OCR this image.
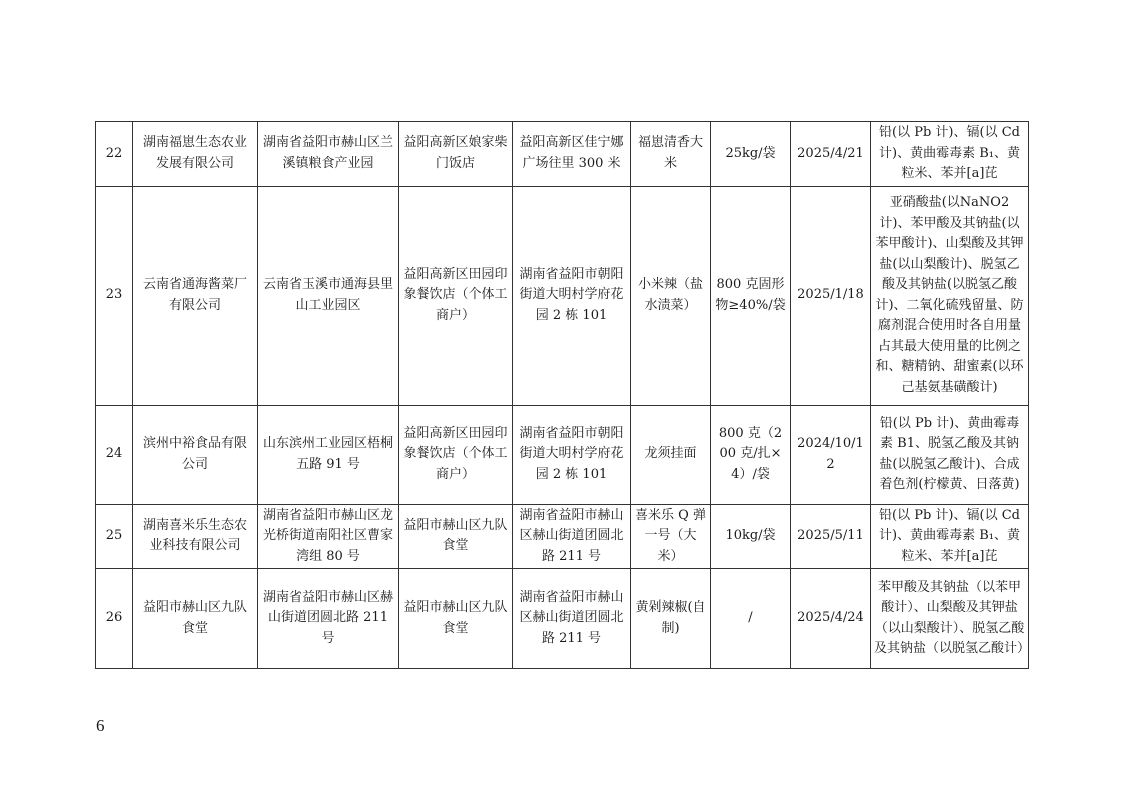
22	湖南福崽生态农业发展有限公司	湖南省益阳市赫山区兰溪镇粮食产业园	益阳高新区娘家柴门饭店	益阳高新区佳宁娜广场往里 300 米	福崽清香大米	25kg/袋	2025/4/21	铅(以 Pb 计)、镉(以 Cd 计)、黄曲霉毒素 B₁、黄粒米、苯并[a]芘
23	云南省通海酱菜厂有限公司	云南省玉溪市通海县里山工业园区	益阳高新区田园印象餐饮店（个体工商户）	湖南省益阳市朝阳街道大明村学府花园 2 栋 101	小米辣（盐水渍菜）	800 克固形物≥40%/袋	2025/1/18	亚硝酸盐(以NaNO2 计)、苯甲酸及其钠盐(以苯甲酸计)、山梨酸及其钾盐(以山梨酸计)、脱氢乙酸及其钠盐(以脱氢乙酸计)、二氧化硫残留量、防腐剂混合使用时各自用量占其最大使用量的比例之和、糖精钠、甜蜜素(以环己基氨基磺酸计)
24	滨州中裕食品有限公司	山东滨州工业园区梧桐五路 91 号	益阳高新区田园印象餐饮店（个体工商户）	湖南省益阳市朝阳街道大明村学府花园 2 栋 101	龙须挂面	800 克（200 克/扎×4）/袋	2024/10/12	铅(以 Pb 计)、黄曲霉毒素 B1、脱氢乙酸及其钠盐(以脱氢乙酸计)、合成着色剂(柠檬黄、日落黄)
25	湖南喜米乐生态农业科技有限公司	湖南省益阳市赫山区龙光桥街道南阳社区曹家湾组 80 号	益阳市赫山区九队食堂	湖南省益阳市赫山区赫山街道团圆北路 211 号	喜米乐 Q 弹一号（大米）	10kg/袋	2025/5/11	铅(以 Pb 计)、镉(以 Cd 计)、黄曲霉毒素 B₁、黄粒米、苯并[a]芘
26	益阳市赫山区九队食堂	湖南省益阳市赫山区赫山街道团圆北路 211 号	益阳市赫山区九队食堂	湖南省益阳市赫山区赫山街道团圆北路 211 号	黄剁辣椒(自制)	/	2025/4/24	苯甲酸及其钠盐（以苯甲酸计）、山梨酸及其钾盐（以山梨酸计）、脱氢乙酸及其钠盐（以脱氢乙酸计）
6
